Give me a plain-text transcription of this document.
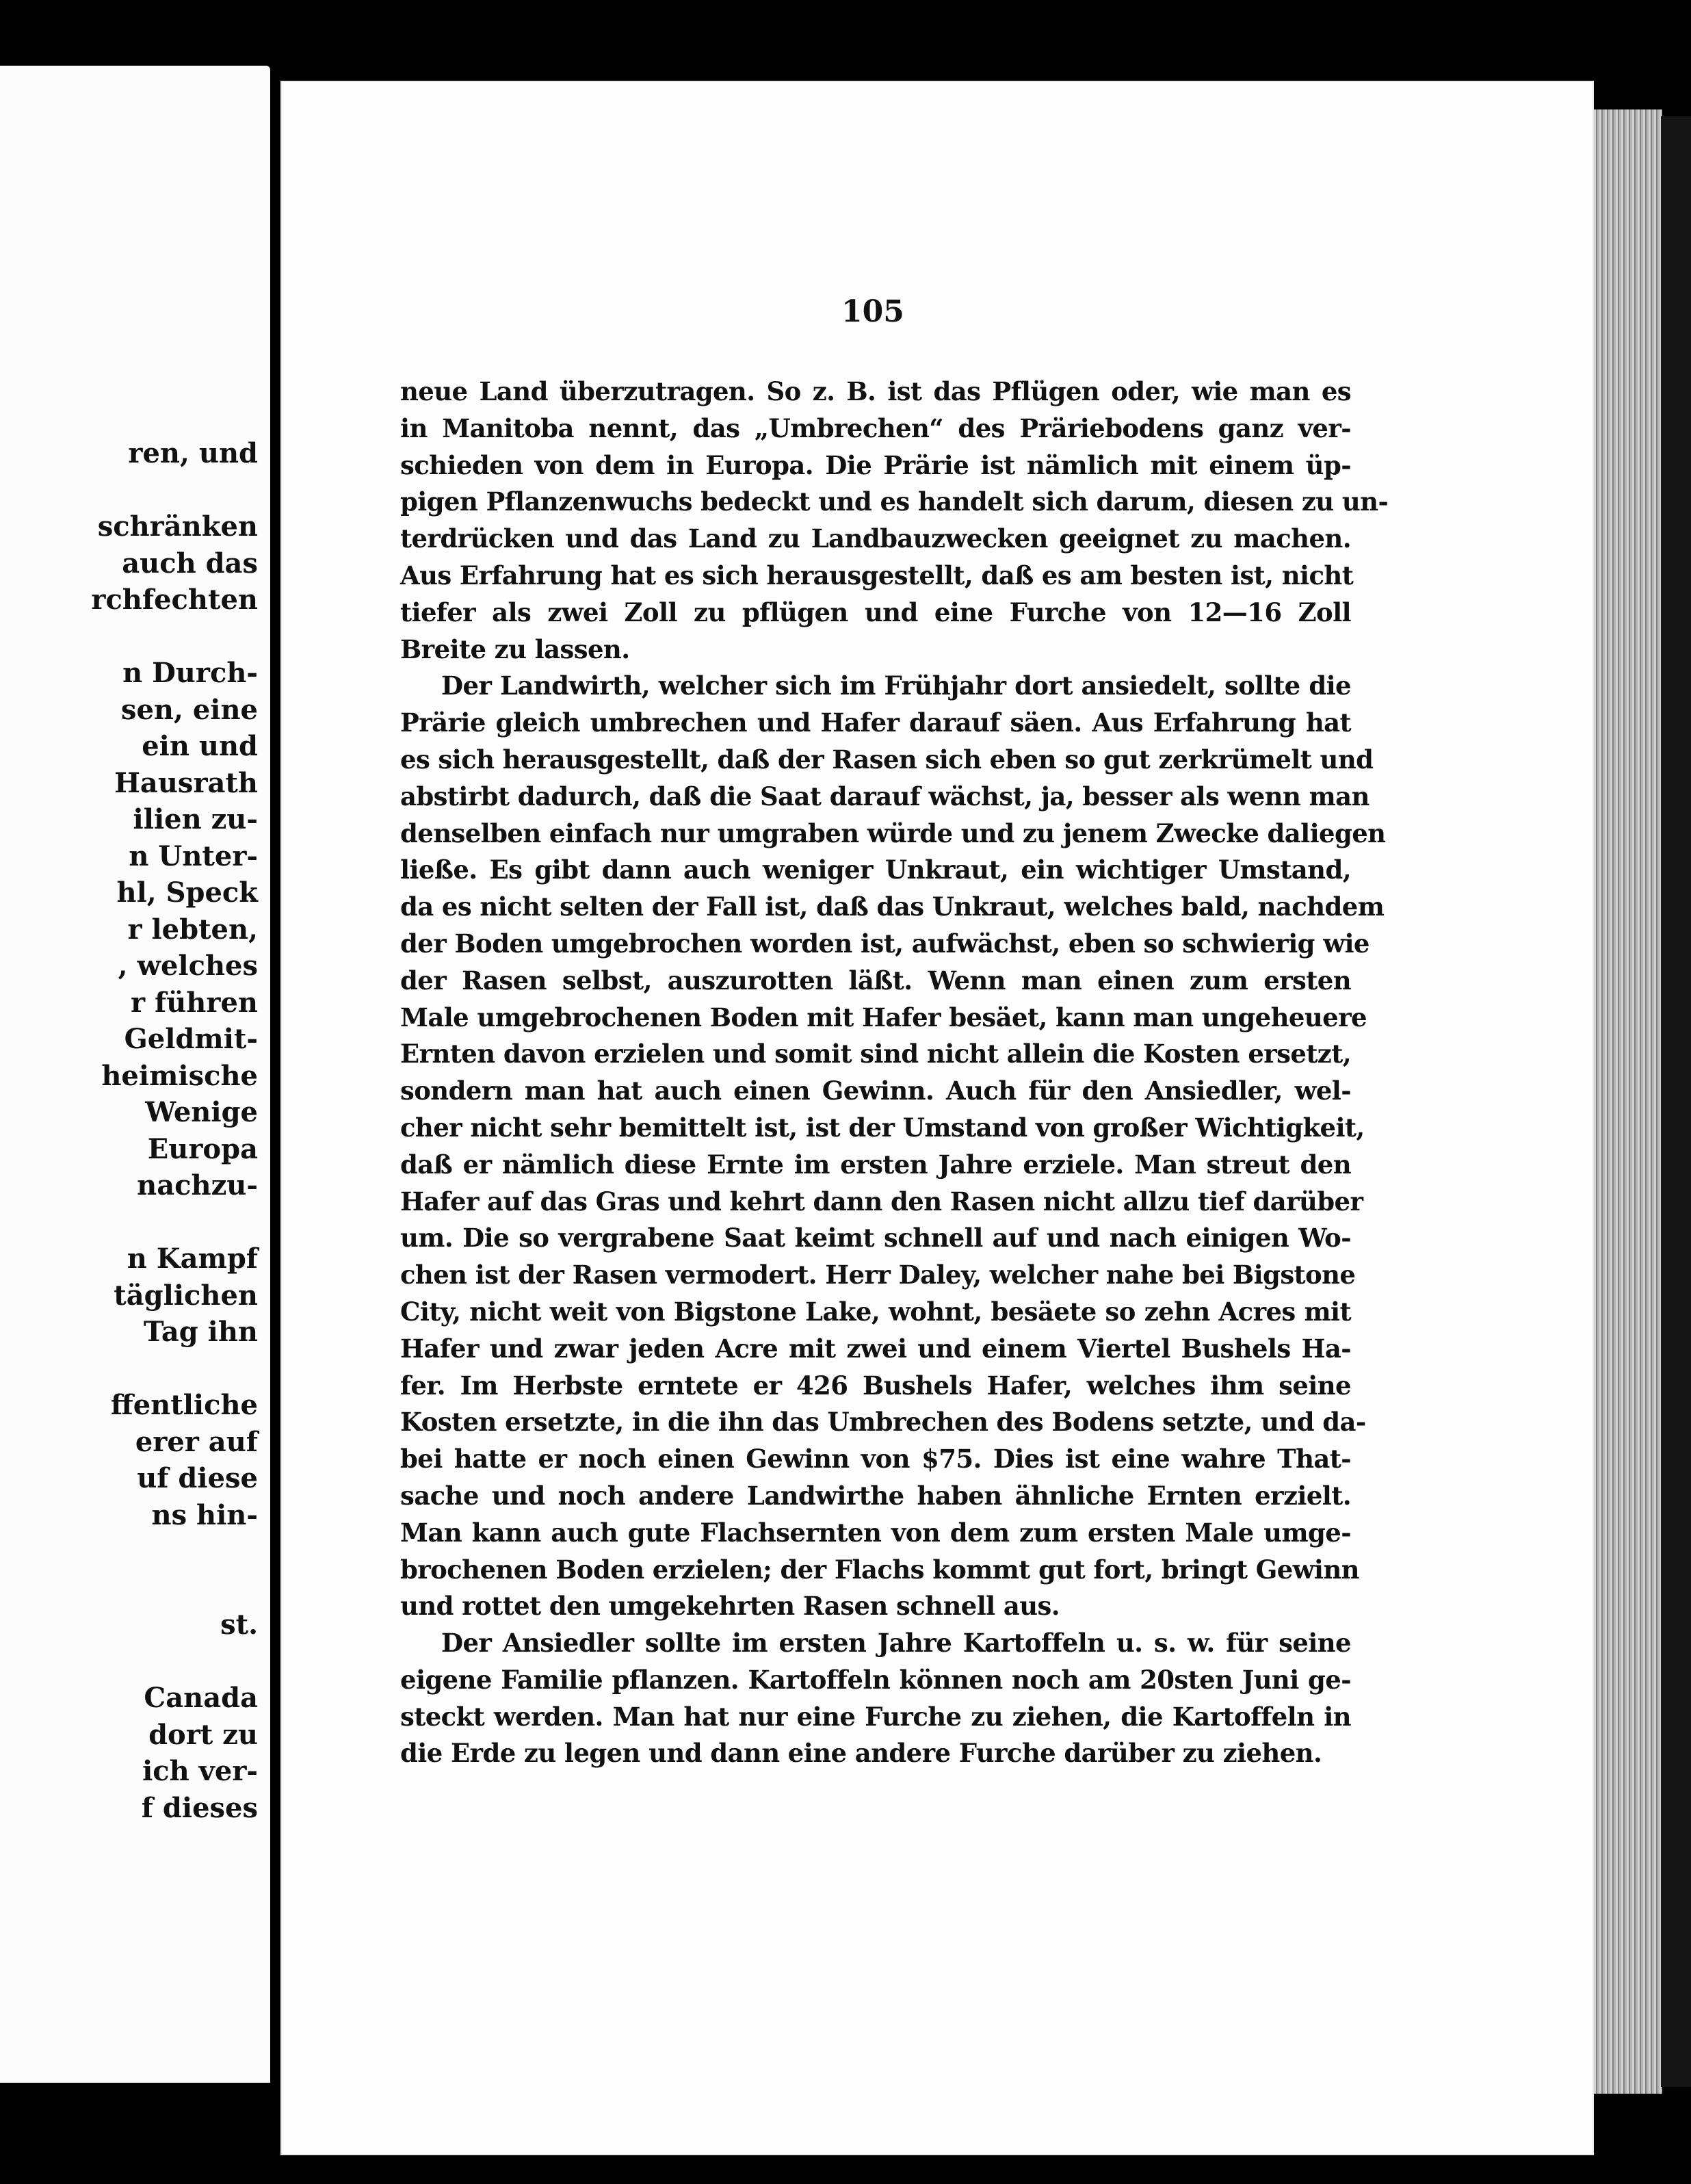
ren, und
schränken
auch das
rchfechten
n Durch-
sen, eine
ein und
Hausrath
ilien zu-
n Unter-
hl, Speck
r lebten,
, welches
r führen
Geldmit-
heimische
Wenige
Europa
nachzu-
n Kampf
täglichen
Tag ihn
ffentliche
erer auf
uf diese
ns hin-
st.
Canada
dort zu
ich ver-
f dieses
105
neue Land überzutragen. So z. B. ist das Pflügen oder, wie man es
in Manitoba nennt, das „Umbrechen“ des Präriebodens ganz ver-
schieden von dem in Europa. Die Prärie ist nämlich mit einem üp-
pigen Pflanzenwuchs bedeckt und es handelt sich darum, diesen zu un-
terdrücken und das Land zu Landbauzwecken geeignet zu machen.
Aus Erfahrung hat es sich herausgestellt, daß es am besten ist, nicht
tiefer als zwei Zoll zu pflügen und eine Furche von 12—16 Zoll
Breite zu lassen.
Der Landwirth, welcher sich im Frühjahr dort ansiedelt, sollte die
Prärie gleich umbrechen und Hafer darauf säen. Aus Erfahrung hat
es sich herausgestellt, daß der Rasen sich eben so gut zerkrümelt und
abstirbt dadurch, daß die Saat darauf wächst, ja, besser als wenn man
denselben einfach nur umgraben würde und zu jenem Zwecke daliegen
ließe. Es gibt dann auch weniger Unkraut, ein wichtiger Umstand,
da es nicht selten der Fall ist, daß das Unkraut, welches bald, nachdem
der Boden umgebrochen worden ist, aufwächst, eben so schwierig wie
der Rasen selbst, auszurotten läßt. Wenn man einen zum ersten
Male umgebrochenen Boden mit Hafer besäet, kann man ungeheuere
Ernten davon erzielen und somit sind nicht allein die Kosten ersetzt,
sondern man hat auch einen Gewinn. Auch für den Ansiedler, wel-
cher nicht sehr bemittelt ist, ist der Umstand von großer Wichtigkeit,
daß er nämlich diese Ernte im ersten Jahre erziele. Man streut den
Hafer auf das Gras und kehrt dann den Rasen nicht allzu tief darüber
um. Die so vergrabene Saat keimt schnell auf und nach einigen Wo-
chen ist der Rasen vermodert. Herr Daley, welcher nahe bei Bigstone
City, nicht weit von Bigstone Lake, wohnt, besäete so zehn Acres mit
Hafer und zwar jeden Acre mit zwei und einem Viertel Bushels Ha-
fer. Im Herbste erntete er 426 Bushels Hafer, welches ihm seine
Kosten ersetzte, in die ihn das Umbrechen des Bodens setzte, und da-
bei hatte er noch einen Gewinn von $75. Dies ist eine wahre That-
sache und noch andere Landwirthe haben ähnliche Ernten erzielt.
Man kann auch gute Flachsernten von dem zum ersten Male umge-
brochenen Boden erzielen; der Flachs kommt gut fort, bringt Gewinn
und rottet den umgekehrten Rasen schnell aus.
Der Ansiedler sollte im ersten Jahre Kartoffeln u. s. w. für seine
eigene Familie pflanzen. Kartoffeln können noch am 20sten Juni ge-
steckt werden. Man hat nur eine Furche zu ziehen, die Kartoffeln in
die Erde zu legen und dann eine andere Furche darüber zu ziehen.
